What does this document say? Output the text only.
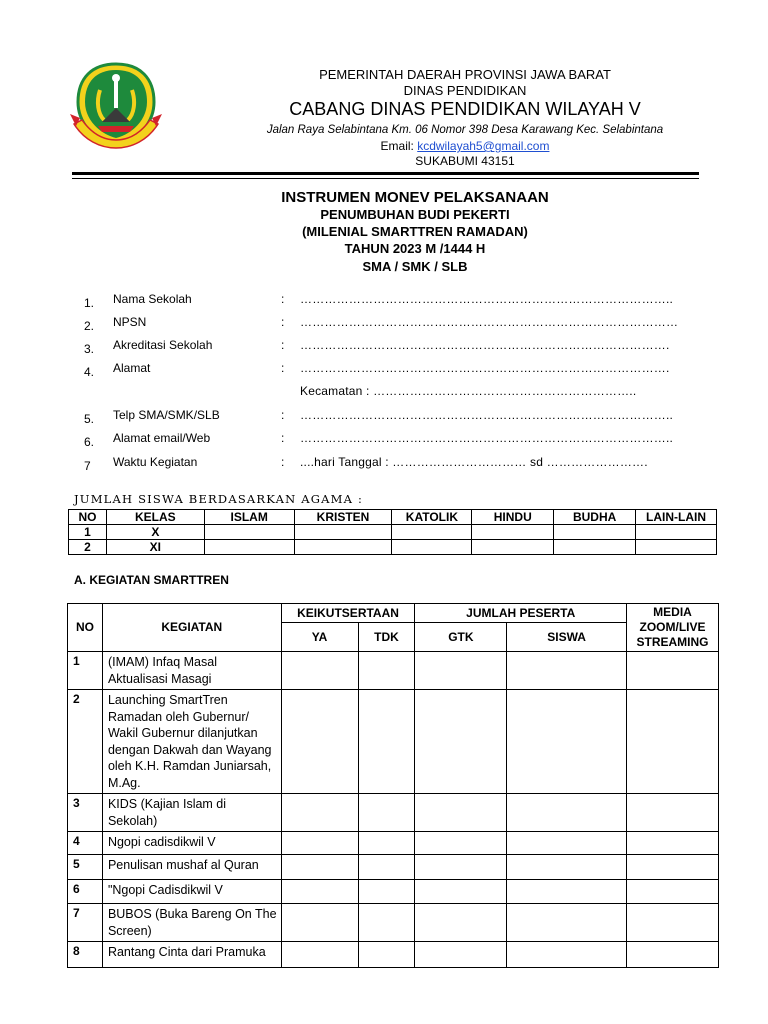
PEMERINTAH DAERAH PROVINSI JAWA BARAT
DINAS PENDIDIKAN
CABANG DINAS PENDIDIKAN WILAYAH V
Jalan Raya Selabintana Km. 06 Nomor 398 Desa Karawang Kec. Selabintana
Email: kcdwilayah5@gmail.com
SUKABUMI 43151
INSTRUMEN MONEV PELAKSANAAN
PENUMBUHAN BUDI PEKERTI
(MILENIAL SMARTTREN RAMADAN)
TAHUN 2023 M /1444 H
SMA / SMK / SLB
1. Nama Sekolah	: ………………………………………………………………………………..
2. NPSN	: …………………………………………………………………………………
3. Akreditasi Sekolah	: ……………………………………………………………………………….
4. Alamat	: ……………………………………………………………………………….
Kecamatan : ………………………………………………………..
5. Telp SMA/SMK/SLB	: ………………………………………………………………………………..
6. Alamat email/Web	: ………………………………………………………………………………..
7 Waktu Kegiatan	: ....hari Tanggal : …………………………… sd …………………….
JUMLAH SISWA BERDASARKAN AGAMA :
NO	KELAS	ISLAM	KRISTEN	KATOLIK	HINDU	BUDHA	LAIN-LAIN
1	X						
2	XI						
A. KEGIATAN SMARTTREN
NO	KEGIATAN	KEIKUTSERTAAN		JUMLAH PESERTA		MEDIA ZOOM/LIVE STREAMING
		YA	TDK	GTK	SISWA	
1	(IMAM) Infaq Masal Aktualisasi Masagi					
2	Launching SmartTren Ramadan oleh Gubernur/ Wakil Gubernur dilanjutkan dengan Dakwah dan Wayang oleh K.H. Ramdan Juniarsah, M.Ag.					
3	KIDS (Kajian Islam di Sekolah)					
4	Ngopi cadisdikwil V					
5	Penulisan mushaf al Quran					
6	"Ngopi Cadisdikwil V					
7	BUBOS (Buka Bareng On The Screen)					
8	Rantang Cinta dari Pramuka					
